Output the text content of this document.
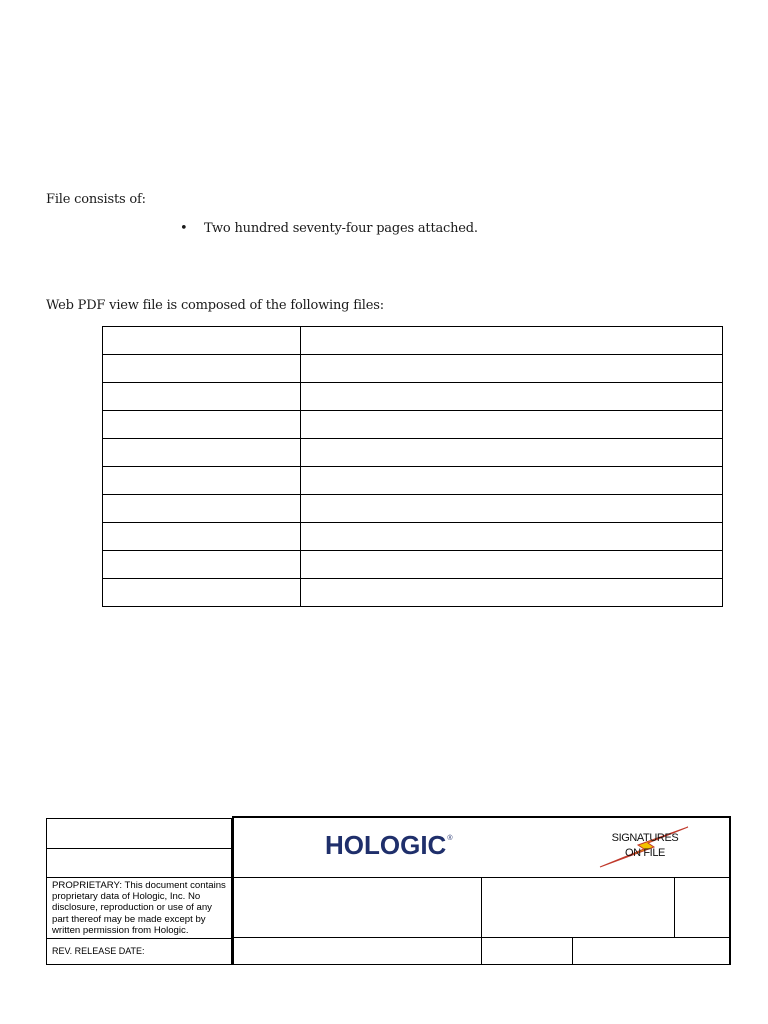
File consists of:
• Two hundred seventy-four pages attached.
Web PDF view file is composed of the following files:

PROPRIETARY: This document contains proprietary data of Hologic, Inc. No disclosure, reproduction or use of any part thereof may be made except by written permission from Hologic.
REV. RELEASE DATE:
HOLOGIC®	SIGNATURES
ON FILE
